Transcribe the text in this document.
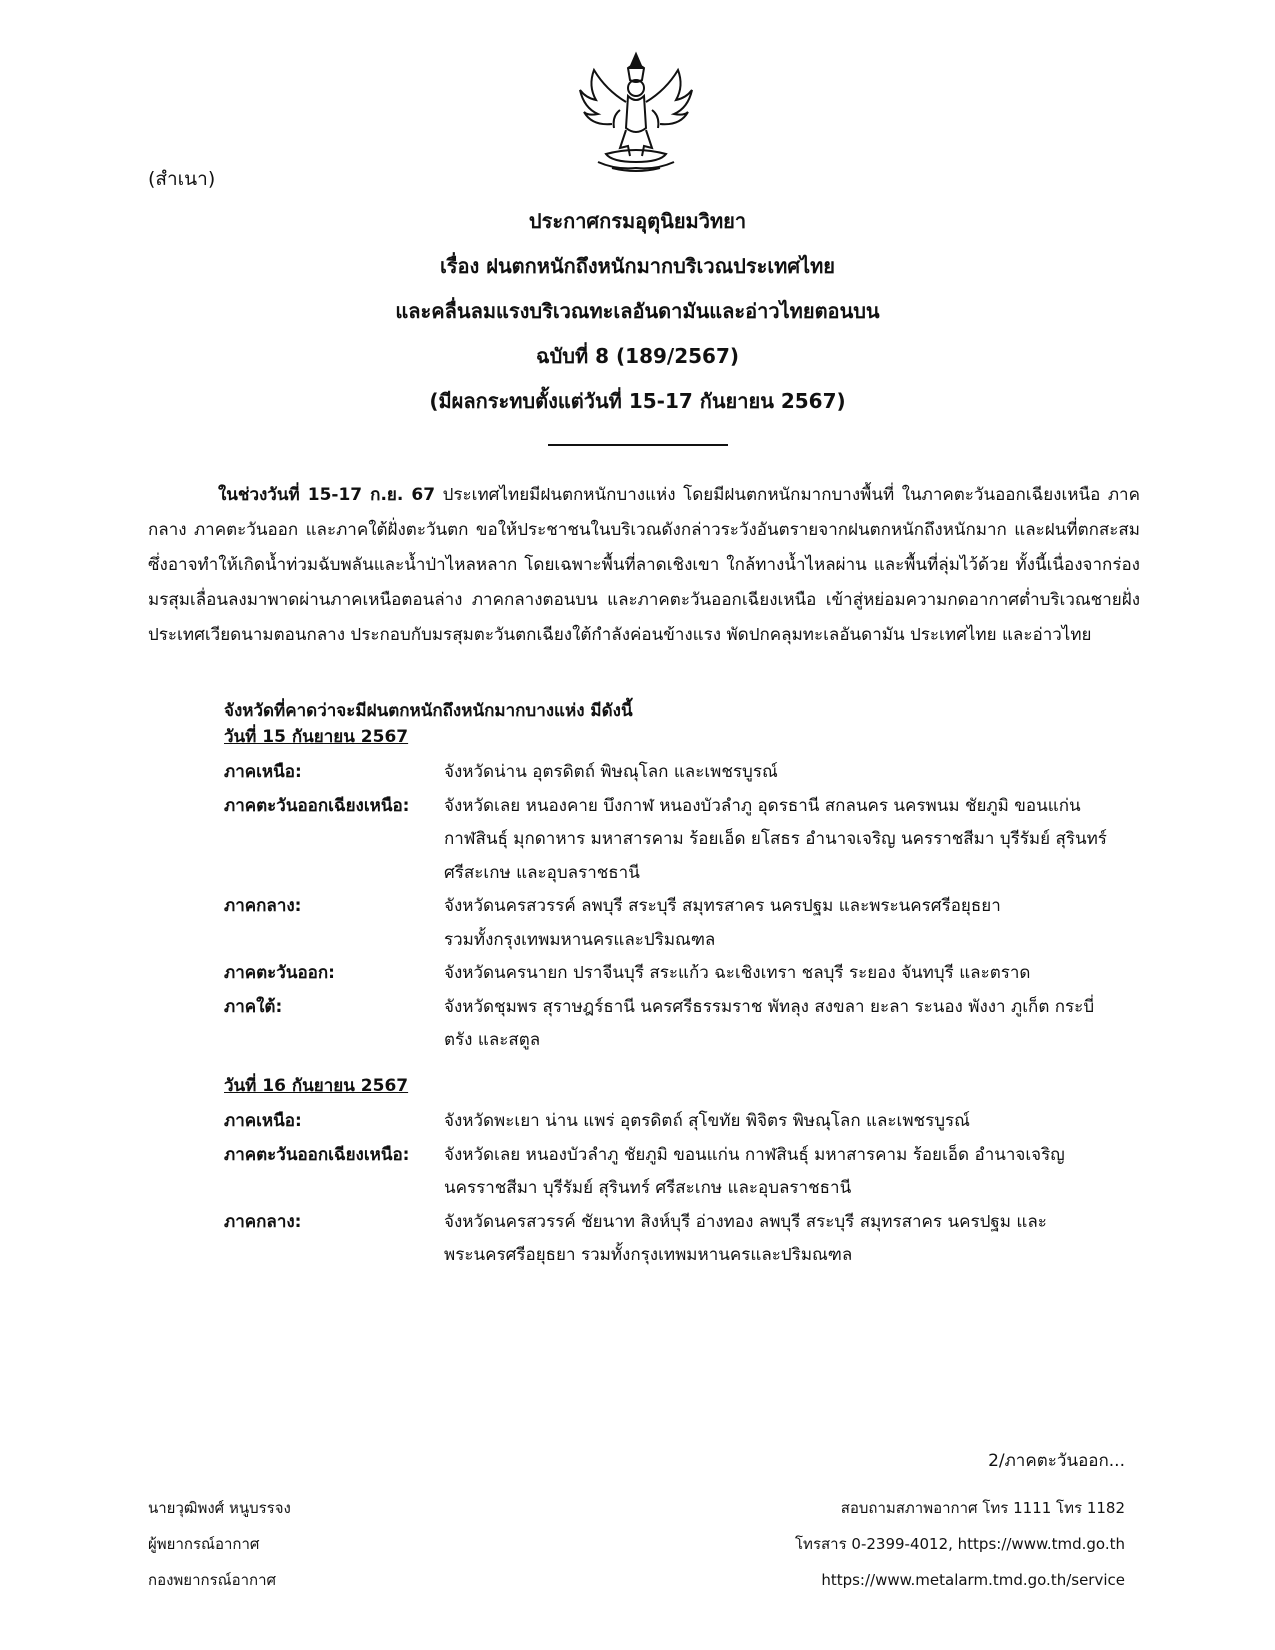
(สำเนา)
ประกาศกรมอุตุนิยมวิทยา
เรื่อง ฝนตกหนักถึงหนักมากบริเวณประเทศไทย
และคลื่นลมแรงบริเวณทะเลอันดามันและอ่าวไทยตอนบน
ฉบับที่ 8 (189/2567)
(มีผลกระทบตั้งแต่วันที่ 15-17 กันยายน 2567)
ในช่วงวันที่ 15-17 ก.ย. 67 ประเทศไทยมีฝนตกหนักบางแห่ง โดยมีฝนตกหนักมากบางพื้นที่ ในภาคตะวันออกเฉียงเหนือ ภาคกลาง ภาคตะวันออก และภาคใต้ฝั่งตะวันตก ขอให้ประชาชนในบริเวณดังกล่าวระวังอันตรายจากฝนตกหนักถึงหนักมาก และฝนที่ตกสะสม ซึ่งอาจทำให้เกิดน้ำท่วมฉับพลันและน้ำป่าไหลหลาก โดยเฉพาะพื้นที่ลาดเชิงเขา ใกล้ทางน้ำไหลผ่าน และพื้นที่ลุ่มไว้ด้วย ทั้งนี้เนื่องจากร่องมรสุมเลื่อนลงมาพาดผ่านภาคเหนือตอนล่าง ภาคกลางตอนบน และภาคตะวันออกเฉียงเหนือ เข้าสู่หย่อมความกดอากาศต่ำบริเวณชายฝั่งประเทศเวียดนามตอนกลาง ประกอบกับมรสุมตะวันตกเฉียงใต้กำลังค่อนข้างแรง พัดปกคลุมทะเลอันดามัน ประเทศไทย และอ่าวไทย
จังหวัดที่คาดว่าจะมีฝนตกหนักถึงหนักมากบางแห่ง มีดังนี้
วันที่ 15 กันยายน 2567
ภาคเหนือ:	จังหวัดน่าน อุตรดิตถ์ พิษณุโลก และเพชรบูรณ์
ภาคตะวันออกเฉียงเหนือ:	จังหวัดเลย หนองคาย บึงกาฬ หนองบัวลำภู อุดรธานี สกลนคร นครพนม ชัยภูมิ ขอนแก่น
กาฬสินธุ์ มุกดาหาร มหาสารคาม ร้อยเอ็ด ยโสธร อำนาจเจริญ นครราชสีมา บุรีรัมย์ สุรินทร์
ศรีสะเกษ และอุบลราชธานี
ภาคกลาง:	จังหวัดนครสวรรค์ ลพบุรี สระบุรี สมุทรสาคร นครปฐม และพระนครศรีอยุธยา
รวมทั้งกรุงเทพมหานครและปริมณฑล
ภาคตะวันออก:	จังหวัดนครนายก ปราจีนบุรี สระแก้ว ฉะเชิงเทรา ชลบุรี ระยอง จันทบุรี และตราด
ภาคใต้:	จังหวัดชุมพร สุราษฎร์ธานี นครศรีธรรมราช พัทลุง สงขลา ยะลา ระนอง พังงา ภูเก็ต กระบี่
ตรัง และสตูล
วันที่ 16 กันยายน 2567
ภาคเหนือ:	จังหวัดพะเยา น่าน แพร่ อุตรดิตถ์ สุโขทัย พิจิตร พิษณุโลก และเพชรบูรณ์
ภาคตะวันออกเฉียงเหนือ:	จังหวัดเลย หนองบัวลำภู ชัยภูมิ ขอนแก่น กาฬสินธุ์ มหาสารคาม ร้อยเอ็ด อำนาจเจริญ
นครราชสีมา บุรีรัมย์ สุรินทร์ ศรีสะเกษ และอุบลราชธานี
ภาคกลาง:	จังหวัดนครสวรรค์ ชัยนาท สิงห์บุรี อ่างทอง ลพบุรี สระบุรี สมุทรสาคร นครปฐม และ
พระนครศรีอยุธยา รวมทั้งกรุงเทพมหานครและปริมณฑล
2/ภาคตะวันออก...
นายวุฒิพงศ์ หนูบรรจง
ผู้พยากรณ์อากาศ
กองพยากรณ์อากาศ
สอบถามสภาพอากาศ โทร 1111 โทร 1182
โทรสาร 0-2399-4012, https://www.tmd.go.th
https://www.metalarm.tmd.go.th/service
